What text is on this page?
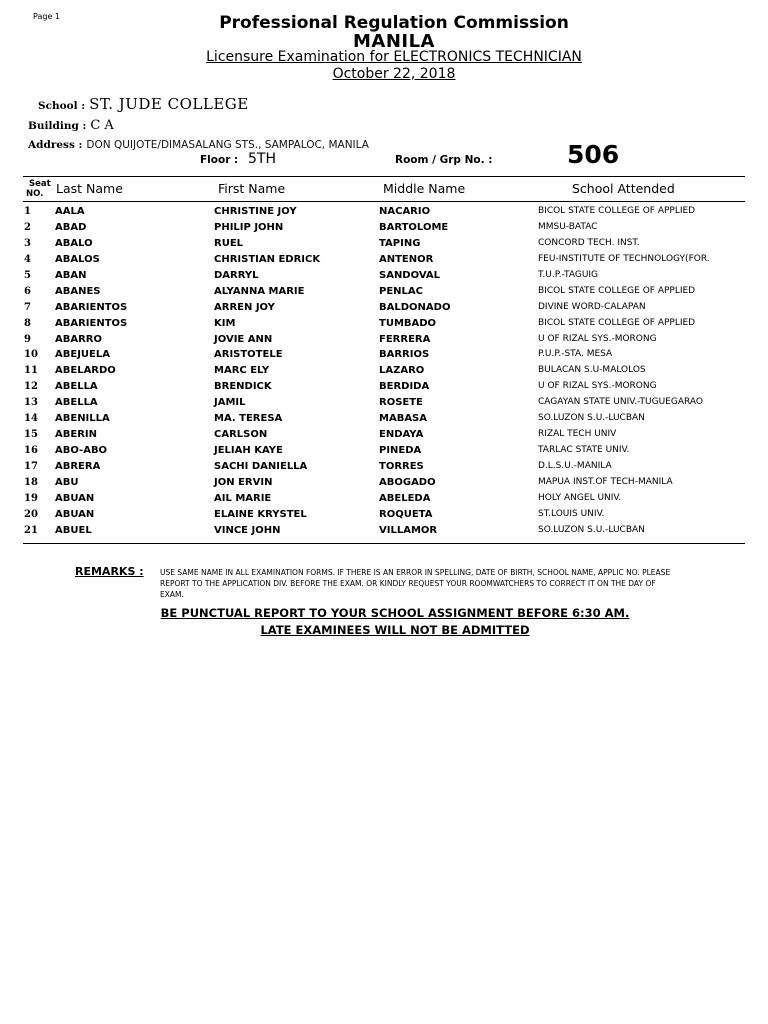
Page 1	Professional Regulation Commission
MANILA
Licensure Examination for ELECTRONICS TECHNICIAN
October 22, 2018
School : ST. JUDE COLLEGE
Building : C A
Address : DON QUIJOTE/DIMASALANG STS., SAMPALOC, MANILA
Floor : 5TH	Room / Grp No. :	506
Seat
NO.	Last Name	First Name	Middle Name	School Attended
1 AALA	CHRISTINE JOY	NACARIO	BICOL STATE COLLEGE OF APPLIED
2 ABAD	PHILIP JOHN	BARTOLOME	MMSU-BATAC
3 ABALO	RUEL	TAPING	CONCORD TECH. INST.
4 ABALOS	CHRISTIAN EDRICK	ANTENOR	FEU-INSTITUTE OF TECHNOLOGY(FOR.
5 ABAN	DARRYL	SANDOVAL	T.U.P.-TAGUIG
6 ABANES	ALYANNA MARIE	PENLAC	BICOL STATE COLLEGE OF APPLIED
7 ABARIENTOS	ARREN JOY	BALDONADO	DIVINE WORD-CALAPAN
8 ABARIENTOS	KIM	TUMBADO	BICOL STATE COLLEGE OF APPLIED
9 ABARRO	JOVIE ANN	FERRERA	U OF RIZAL SYS.-MORONG
10 ABEJUELA	ARISTOTELE	BARRIOS	P.U.P.-STA. MESA
11 ABELARDO	MARC ELY	LAZARO	BULACAN S.U-MALOLOS
12 ABELLA	BRENDICK	BERDIDA	U OF RIZAL SYS.-MORONG
13 ABELLA	JAMIL	ROSETE	CAGAYAN STATE UNIV.-TUGUEGARAO
14 ABENILLA	MA. TERESA	MABASA	SO.LUZON S.U.-LUCBAN
15 ABERIN	CARLSON	ENDAYA	RIZAL TECH UNIV
16 ABO-ABO	JELIAH KAYE	PINEDA	TARLAC STATE UNIV.
17 ABRERA	SACHI DANIELLA	TORRES	D.L.S.U.-MANILA
18 ABU	JON ERVIN	ABOGADO	MAPUA INST.OF TECH-MANILA
19 ABUAN	AIL MARIE	ABELEDA	HOLY ANGEL UNIV.
20 ABUAN	ELAINE KRYSTEL	ROQUETA	ST.LOUIS UNIV.
21 ABUEL	VINCE JOHN	VILLAMOR	SO.LUZON S.U.-LUCBAN
REMARKS : USE SAME NAME IN ALL EXAMINATION FORMS. IF THERE IS AN ERROR IN SPELLING, DATE OF BIRTH, SCHOOL NAME, APPLIC NO. PLEASE REPORT TO THE APPLICATION DIV. BEFORE THE EXAM. OR KINDLY REQUEST YOUR ROOMWATCHERS TO CORRECT IT ON THE DAY OF EXAM.
BE PUNCTUAL REPORT TO YOUR SCHOOL ASSIGNMENT BEFORE 6:30 AM.
LATE EXAMINEES WILL NOT BE ADMITTED
